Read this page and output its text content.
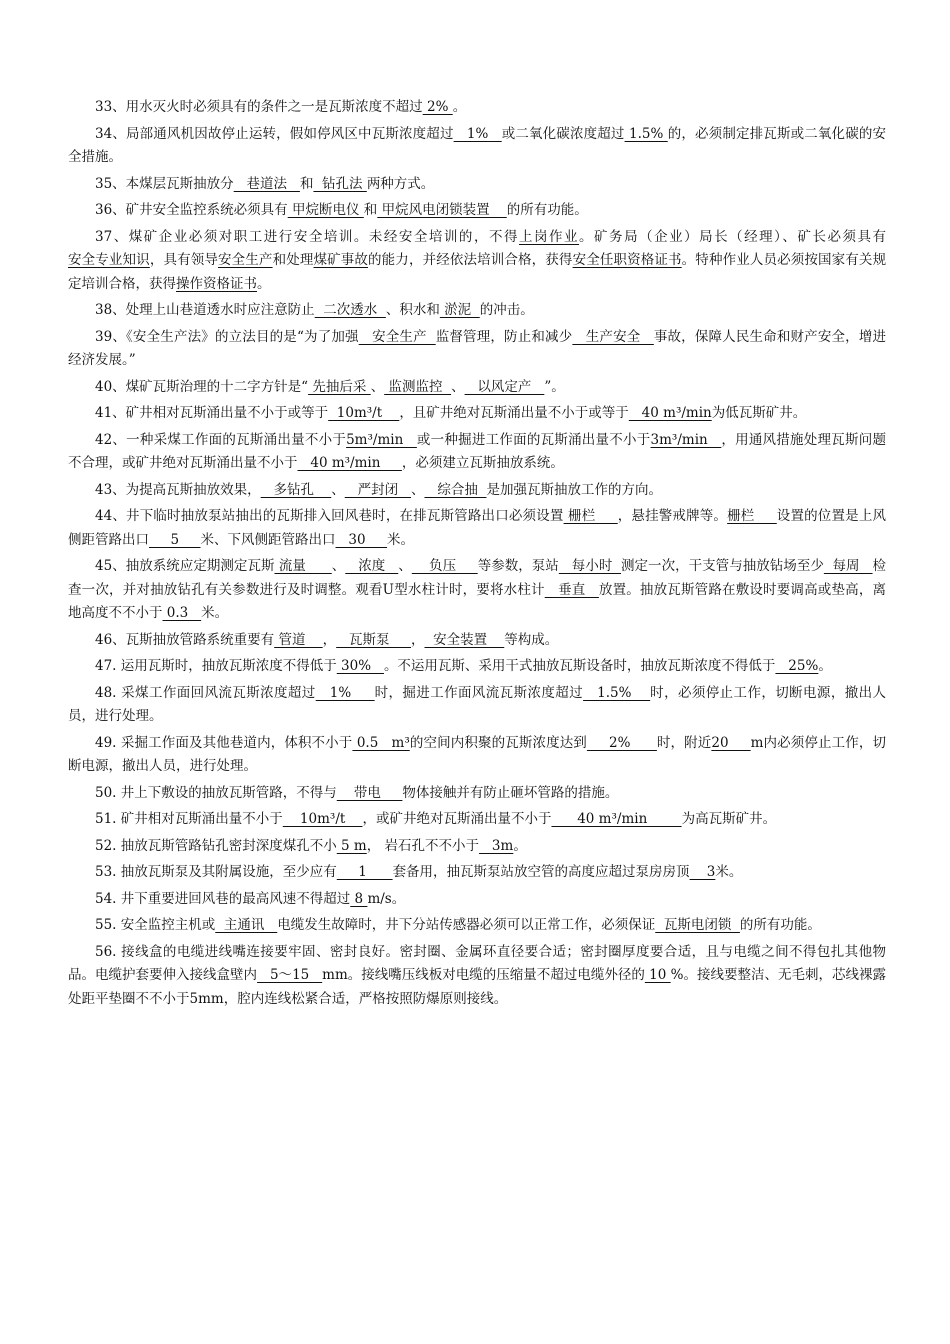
33、用水灭火时必须具有的条件之一是瓦斯浓度不超过 2% 。

34、局部通风机因故停止运转，假如停风区中瓦斯浓度超过   1%   或二氧化碳浓度超过 1.5% 的，必须制定排瓦斯或二氧化碳的安全措施。

35、本煤层瓦斯抽放分   巷道法   和  钻孔法 两种方式。

36、矿井安全监控系统必须具有 甲烷断电仪 和 甲烷风电闭锁装置    的所有功能。

37、煤矿企业必须对职工进行安全培训。未经安全培训的，不得上岗作业。矿务局（企业）局长（经理）、矿长必须具有安全专业知识，具有领导安全生产和处理煤矿事故的能力，并经依法培训合格，获得安全任职资格证书。特种作业人员必须按国家有关规定培训合格，获得操作资格证书。

38、处理上山巷道透水时应注意防止  二次透水  、积水和 淤泥  的冲击。

39、《安全生产法》的立法目的是“为了加强   安全生产  监督管理，防止和减少   生产安全   事故，保障人民生命和财产安全，增进经济发展。”

40、煤矿瓦斯治理的十二字方针是“ 先抽后采 、 监测监控  、   以风定产   ”。

41、矿井相对瓦斯涌出量不小于或等于  10m³/t    ，且矿井绝对瓦斯涌出量不小于或等于   40 m³/min为低瓦斯矿井。

42、一种采煤工作面的瓦斯涌出量不小于5m³/min   或一种掘进工作面的瓦斯涌出量不小于3m³/min   ，用通风措施处理瓦斯问题不合理，或矿井绝对瓦斯涌出量不小于   40 m³/min     ，必须建立瓦斯抽放系统。

43、为提高瓦斯抽放效果，   多钻孔    、   严封闭   、   综合抽  是加强瓦斯抽放工作的方向。

44、井下临时抽放泵站抽出的瓦斯排入回风巷时，在排瓦斯管路出口必须设置 栅栏     ，悬挂警戒牌等。栅栏     设置的位置是上风侧距管路出口     5     米、下风侧距管路出口   30     米。

45、抽放系统应定期测定瓦斯 流量      、   浓度   、    负压     等参数，泵站   每小时  测定一次，干支管与抽放钻场至少  每周   检查一次，并对抽放钻孔有关参数进行及时调整。观看U型水柱计时，要将水柱计   垂直   放置。抽放瓦斯管路在敷设时要调高或垫高，离地高度不不小于 0.3   米。

46、瓦斯抽放管路系统重要有 管道    ，   瓦斯泵     ，  安全装置    等构成。

47. 运用瓦斯时，抽放瓦斯浓度不得低于 30%   。不运用瓦斯、采用干式抽放瓦斯设备时，抽放瓦斯浓度不得低于   25%。

48. 采煤工作面回风流瓦斯浓度超过   1%     时，掘进工作面风流瓦斯浓度超过   1.5%    时，必须停止工作，切断电源，撤出人员，进行处理。

49. 采掘工作面及其他巷道内，体积不小于 0.5   m³的空间内积聚的瓦斯浓度达到     2%      时，附近20     m内必须停止工作，切断电源，撤出人员，进行处理。

50. 井上下敷设的抽放瓦斯管路，不得与    带电     物体接触并有防止砸坏管路的措施。

51. 矿井相对瓦斯涌出量不小于    10m³/t    ，或矿井绝对瓦斯涌出量不小于      40 m³/min        为高瓦斯矿井。

52. 抽放瓦斯管路钻孔密封深度煤孔不小 5 m， 岩石孔不不小于   3m。

53. 抽放瓦斯泵及其附属设施，至少应有     1      套备用，抽瓦斯泵站放空管的高度应超过泵房房顶    3米。

54. 井下重要进回风巷的最高风速不得超过 8 m/s。

55. 安全监控主机或  主通讯   电缆发生故障时，井下分站传感器必须可以正常工作，必须保证  瓦斯电闭锁  的所有功能。

56. 接线盒的电缆进线嘴连接要牢固、密封良好。密封圈、金属环直径要合适；密封圈厚度要合适，且与电缆之间不得包扎其他物品。电缆护套要伸入接线盒壁内   5～15   mm。接线嘴压线板对电缆的压缩量不超过电缆外径的 10 %。接线要整洁、无毛刺，芯线裸露处距平垫圈不不小于5mm，腔内连线松紧合适，严格按照防爆原则接线。
